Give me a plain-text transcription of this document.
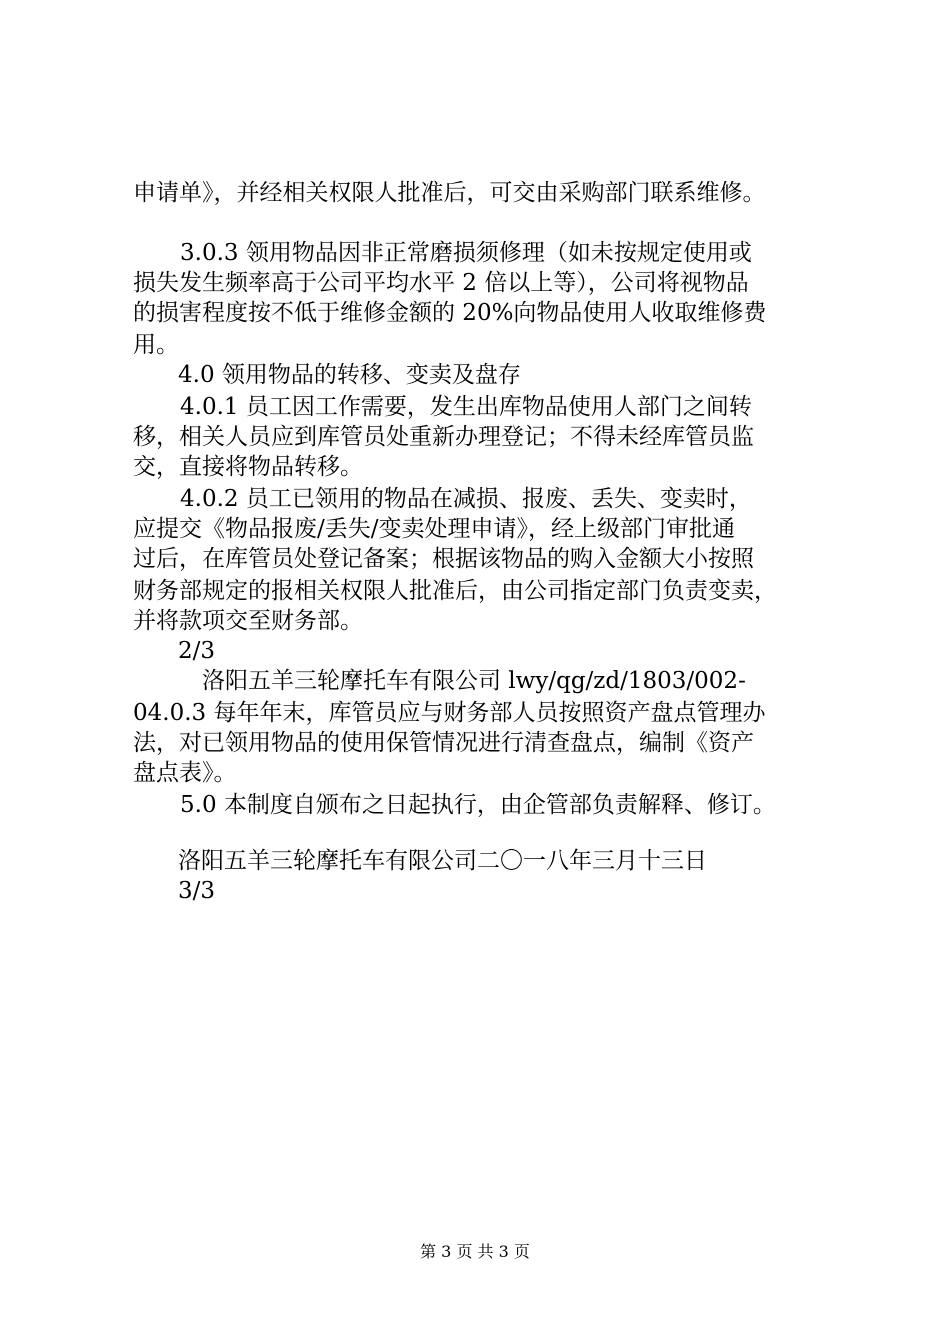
申请单》，并经相关权限人批准后，可交由采购部门联系维修。
3.0.3 领用物品因非正常磨损须修理（如未按规定使用或
损失发生频率高于公司平均水平 2 倍以上等），公司将视物品
的损害程度按不低于维修金额的 20%向物品使用人收取维修费
用。
4.0 领用物品的转移、变卖及盘存
4.0.1 员工因工作需要，发生出库物品使用人部门之间转
移，相关人员应到库管员处重新办理登记；不得未经库管员监
交，直接将物品转移。
4.0.2 员工已领用的物品在减损、报废、丢失、变卖时，
应提交《物品报废/丢失/变卖处理申请》，经上级部门审批通
过后，在库管员处登记备案；根据该物品的购入金额大小按照
财务部规定的报相关权限人批准后，由公司指定部门负责变卖，
并将款项交至财务部。
2/3
洛阳五羊三轮摩托车有限公司 lwy/qg/zd/1803/002-
04.0.3 每年年末，库管员应与财务部人员按照资产盘点管理办
法，对已领用物品的使用保管情况进行清查盘点，编制《资产
盘点表》。
5.0 本制度自颁布之日起执行，由企管部负责解释、修订。
洛阳五羊三轮摩托车有限公司二〇一八年三月十三日
3/3
第 3 页 共 3 页
